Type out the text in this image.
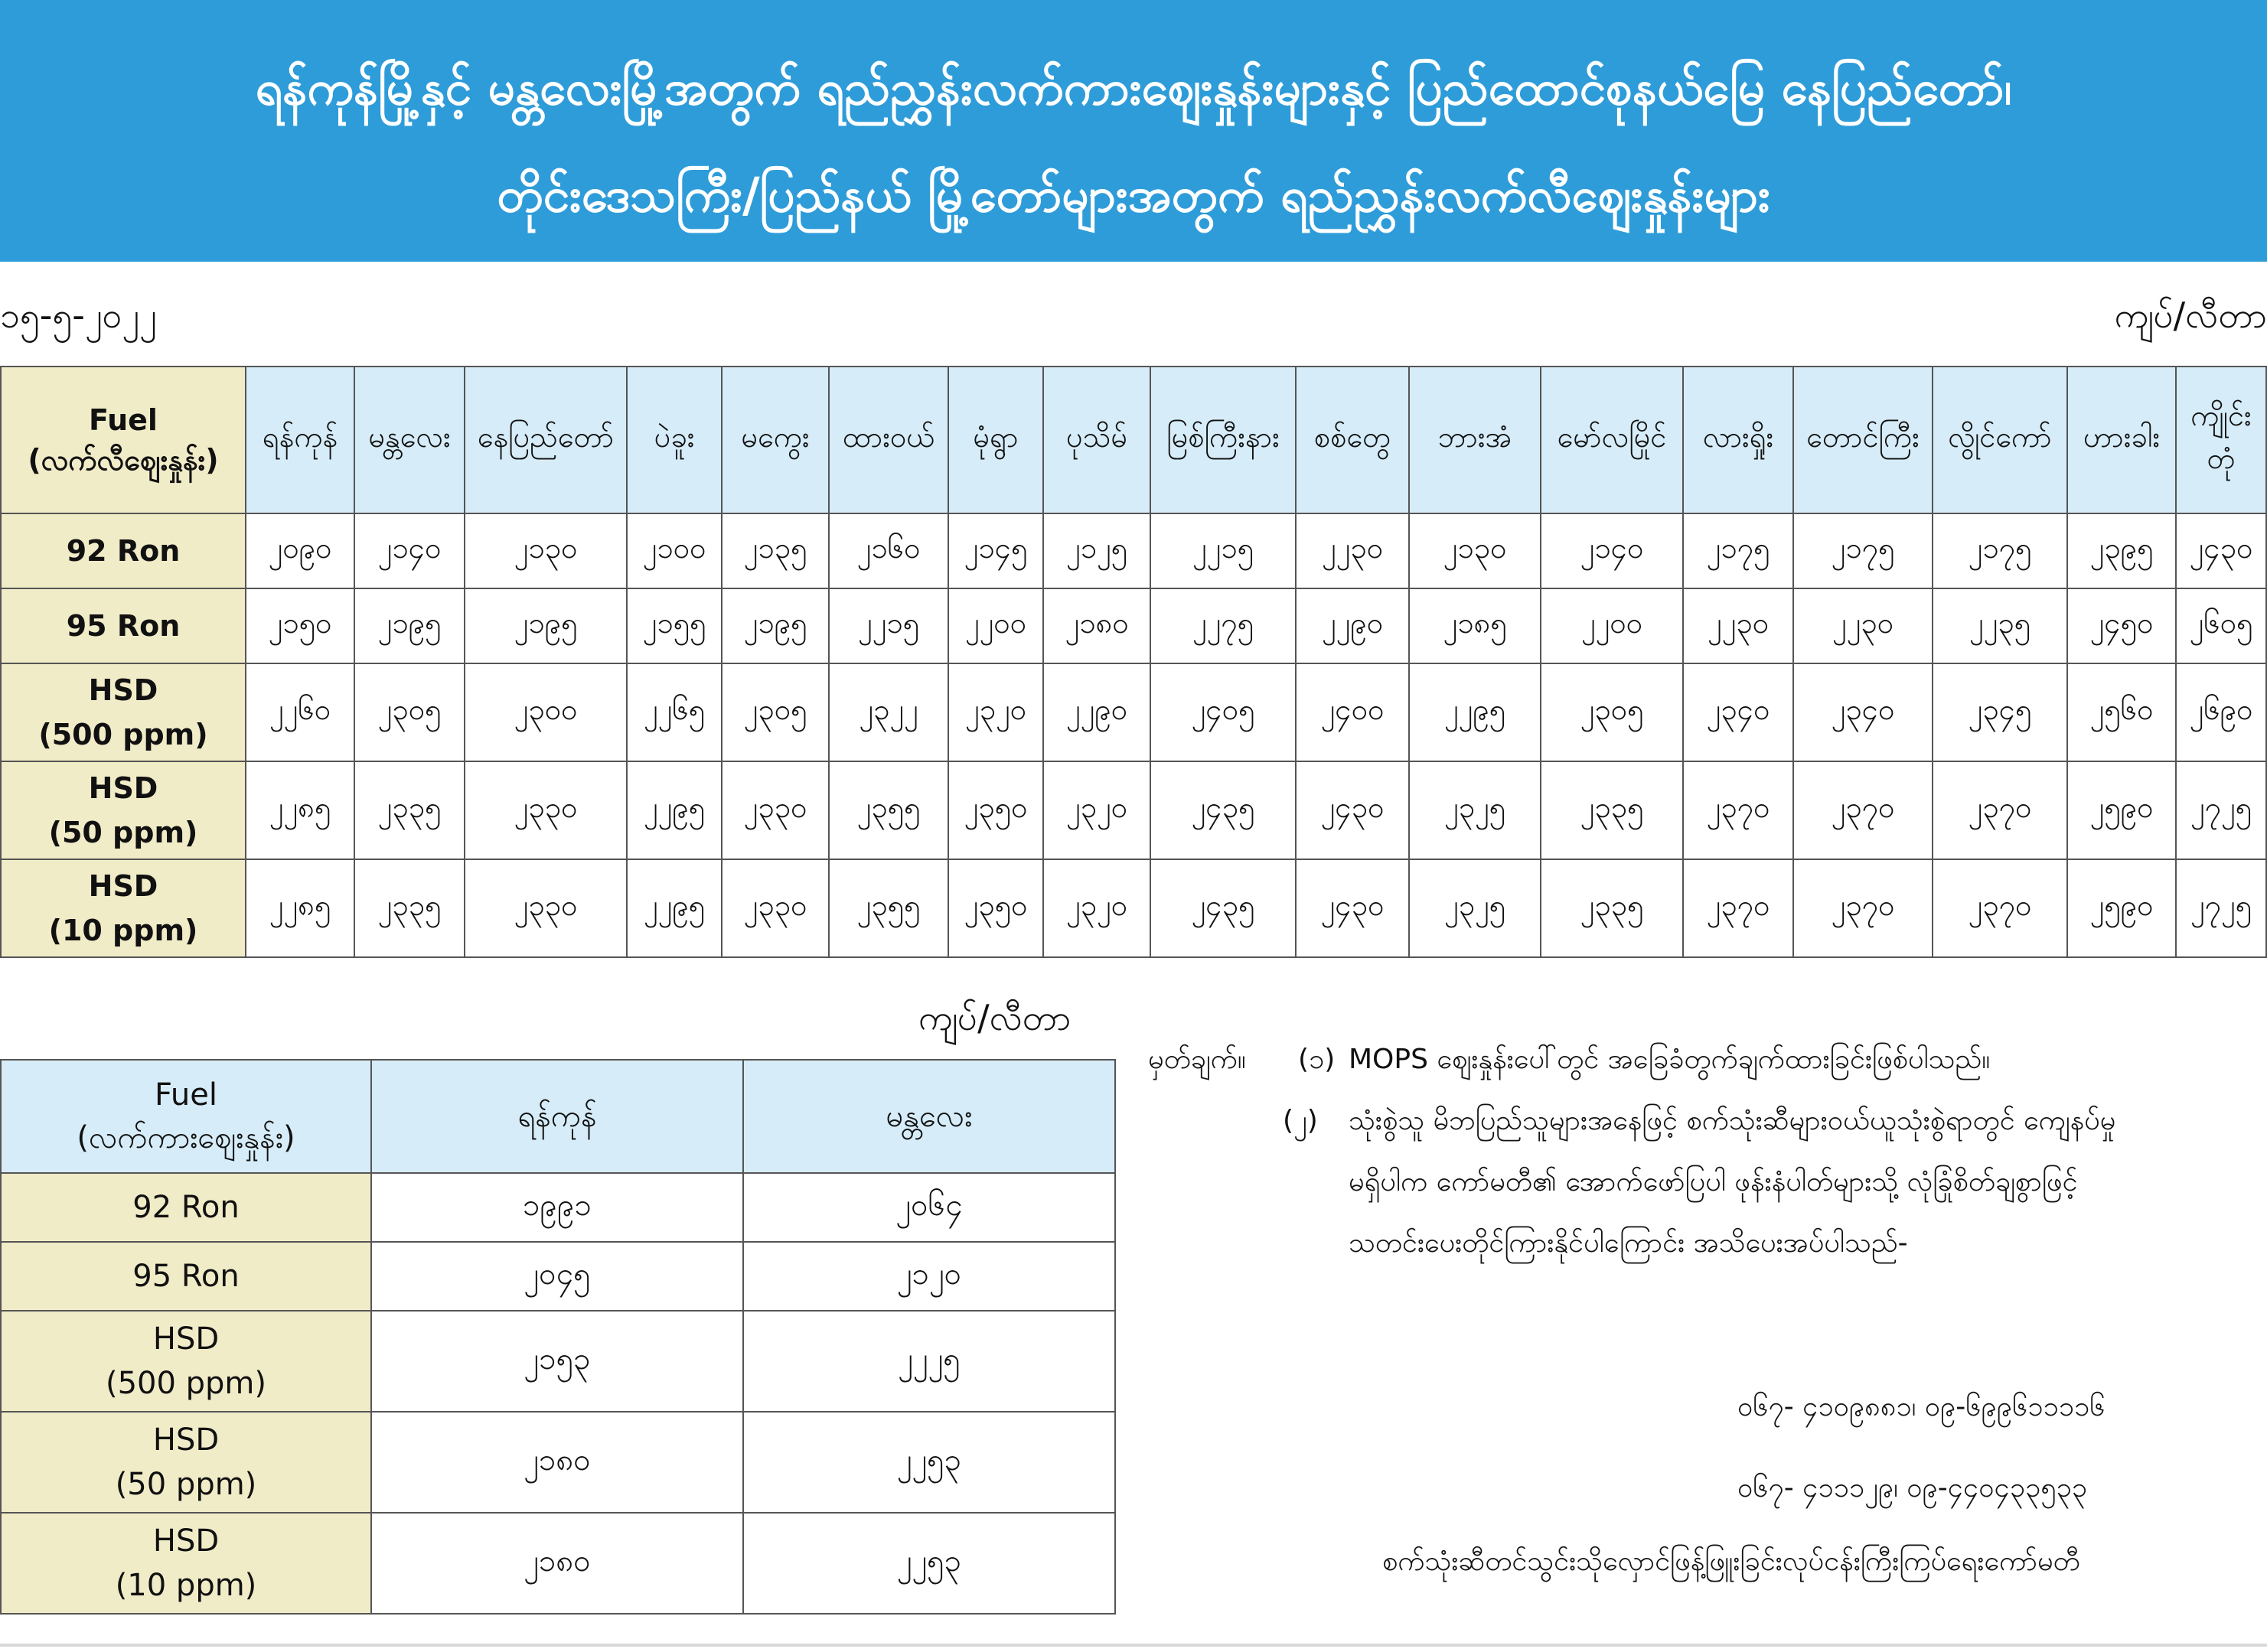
ရန်ကုန်မြို့နှင့် မန္တလေးမြို့အတွက် ရည်ညွှန်းလက်ကားဈေးနှုန်းများနှင့် ပြည်ထောင်စုနယ်မြေ နေပြည်တော်၊
တိုင်းဒေသကြီး/ပြည်နယ် မြို့တော်များအတွက် ရည်ညွှန်းလက်လီဈေးနှုန်းများ
၁၅-၅-၂၀၂၂	ကျပ်/လီတာ
Fuel
(လက်လီဈေးနှုန်း)	ရန်ကုန်	မန္တလေး	နေပြည်တော်	ပဲခူး	မကွေး	ထားဝယ်	မုံရွာ	ပုသိမ်	မြစ်ကြီးနား	စစ်တွေ	ဘားအံ	မော်လမြိုင်	လားရှိုး	တောင်ကြီး	လွိုင်ကော်	ဟားခါး	ကျိုင်းတုံ
92 Ron	၂၀၉၀	၂၁၄၀	၂၁၃၀	၂၁၀၀	၂၁၃၅	၂၁၆၀	၂၁၄၅	၂၁၂၅	၂၂၁၅	၂၂၃၀	၂၁၃၀	၂၁၄၀	၂၁၇၅	၂၁၇၅	၂၁၇၅	၂၃၉၅	၂၄၃၀
95 Ron	၂၁၅၀	၂၁၉၅	၂၁၉၅	၂၁၅၅	၂၁၉၅	၂၂၁၅	၂၂၀၀	၂၁၈၀	၂၂၇၅	၂၂၉၀	၂၁၈၅	၂၂၀၀	၂၂၃၀	၂၂၃၀	၂၂၃၅	၂၄၅၀	၂၆၀၅
HSD
(500 ppm)	၂၂၆၀	၂၃၀၅	၂၃၀၀	၂၂၆၅	၂၃၀၅	၂၃၂၂	၂၃၂၀	၂၂၉၀	၂၄၀၅	၂၄၀၀	၂၂၉၅	၂၃၀၅	၂၃၄၀	၂၃၄၀	၂၃၄၅	၂၅၆၀	၂၆၉၀
HSD
(50 ppm)	၂၂၈၅	၂၃၃၅	၂၃၃၀	၂၂၉၅	၂၃၃၀	၂၃၅၅	၂၃၅၀	၂၃၂၀	၂၄၃၅	၂၄၃၀	၂၃၂၅	၂၃၃၅	၂၃၇၀	၂၃၇၀	၂၃၇၀	၂၅၉၀	၂၇၂၅
HSD
(10 ppm)	၂၂၈၅	၂၃၃၅	၂၃၃၀	၂၂၉၅	၂၃၃၀	၂၃၅၅	၂၃၅၀	၂၃၂၀	၂၄၃၅	၂၄၃၀	၂၃၂၅	၂၃၃၅	၂၃၇၀	၂၃၇၀	၂၃၇၀	၂၅၉၀	၂၇၂၅
ကျပ်/လီတာ
Fuel
(လက်ကားဈေးနှုန်း)	ရန်ကုန်	မန္တလေး
92 Ron	၁၉၉၁	၂၀၆၄
95 Ron	၂၀၄၅	၂၁၂၀
HSD
(500 ppm)	၂၁၅၃	၂၂၂၅
HSD
(50 ppm)	၂၁၈၀	၂၂၅၃
HSD
(10 ppm)	၂၁၈၀	၂၂၅၃
မှတ်ချက်။ (၁) MOPS ဈေးနှုန်းပေါ်တွင် အခြေခံတွက်ချက်ထားခြင်းဖြစ်ပါသည်။
(၂) သုံးစွဲသူ မိဘပြည်သူများအနေဖြင့် စက်သုံးဆီများဝယ်ယူသုံးစွဲရာတွင် ကျေနပ်မှု
မရှိပါက ကော်မတီ၏ အောက်ဖော်ပြပါ ဖုန်းနံပါတ်များသို့ လုံခြုံစိတ်ချစွာဖြင့်
သတင်းပေးတိုင်ကြားနိုင်ပါကြောင်း အသိပေးအပ်ပါသည်-
၀၆၇- ၄၁၀၉၈၈၁၊ ၀၉-၆၉၉၆၁၁၁၁၆
၀၆၇- ၄၁၁၁၂၉၊ ၀၉-၄၄၀၄၃၃၅၃၃
စက်သုံးဆီတင်သွင်းသိုလှောင်ဖြန့်ဖြူးခြင်းလုပ်ငန်းကြီးကြပ်ရေးကော်မတီ
